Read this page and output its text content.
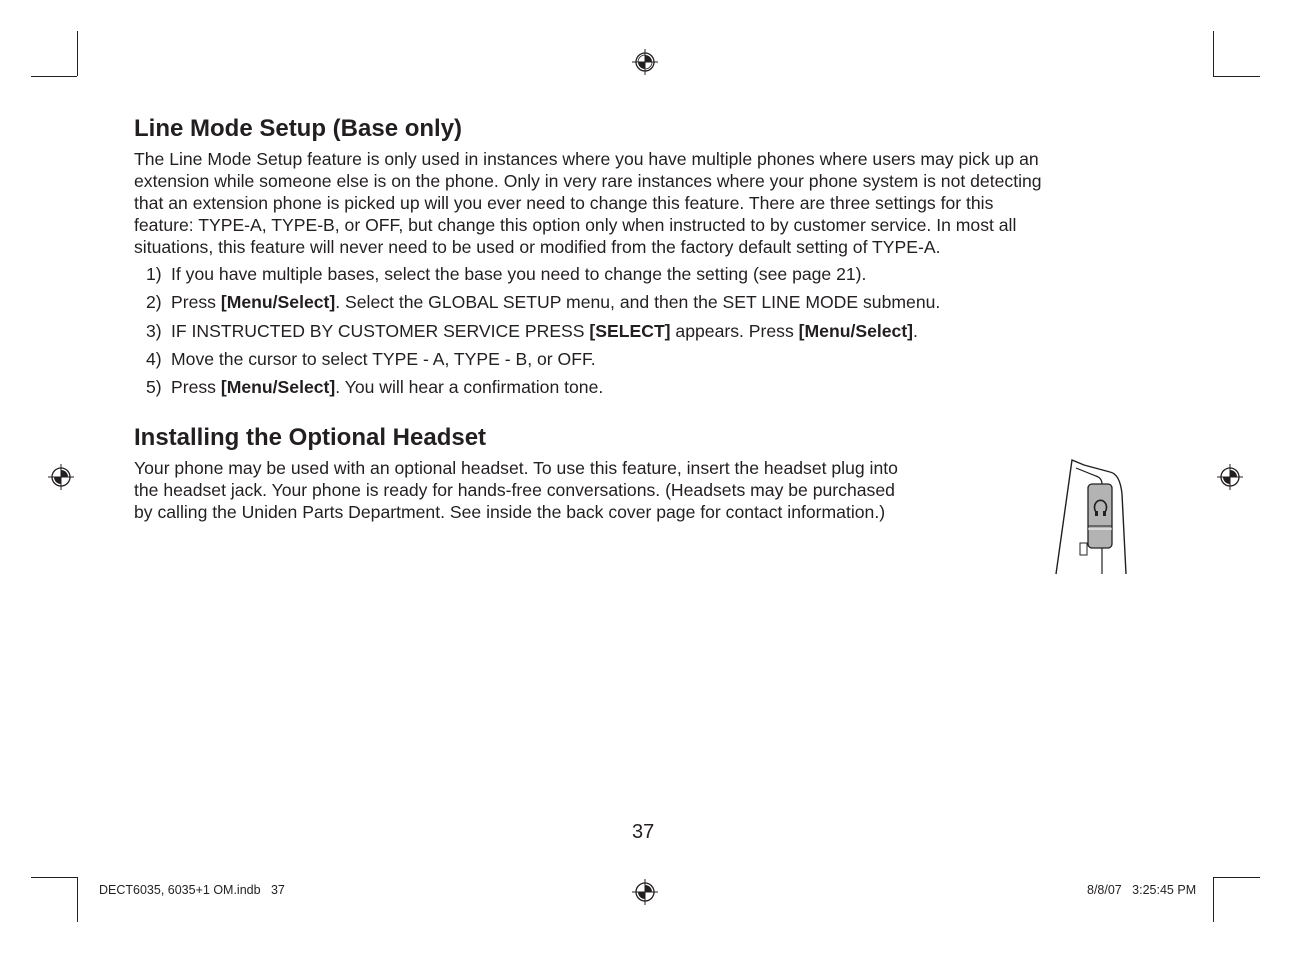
Line Mode Setup (Base only)
The Line Mode Setup feature is only used in instances where you have multiple phones where users may pick up an
extension while someone else is on the phone. Only in very rare instances where your phone system is not detecting
that an extension phone is picked up will you ever need to change this feature. There are three settings for this
feature: TYPE-A, TYPE-B, or OFF, but change this option only when instructed to by customer service. In most all
situations, this feature will never need to be used or modified from the factory default setting of TYPE-A.
1) If you have multiple bases, select the base you need to change the setting (see page 21).
2) Press [Menu/Select]. Select the GLOBAL SETUP menu, and then the SET LINE MODE submenu.
3) IF INSTRUCTED BY CUSTOMER SERVICE PRESS [SELECT] appears. Press [Menu/Select].
4) Move the cursor to select TYPE - A, TYPE - B, or OFF.
5) Press [Menu/Select]. You will hear a confirmation tone.
Installing the Optional Headset
Your phone may be used with an optional headset. To use this feature, insert the headset plug into
the headset jack. Your phone is ready for hands-free conversations. (Headsets may be purchased
by calling the Uniden Parts Department. See inside the back cover page for contact information.)
37
DECT6035, 6035+1 OM.indb   37	8/8/07   3:25:45 PM
